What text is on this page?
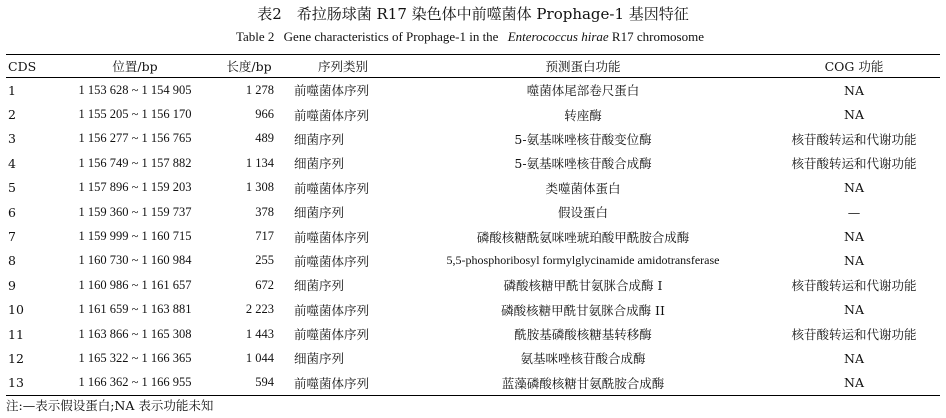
表2　希拉肠球菌 R17 染色体中前噬菌体 Prophage-1 基因特征
Table 2 Gene characteristics of Prophage-1 in the Enterococcus hirae R17 chromosome
CDS	位置/bp	长度/bp	序列类别	预测蛋白功能	COG 功能
1	1 153 628 ~ 1 154 905	1 278	前噬菌体序列	噬菌体尾部卷尺蛋白	NA
2	1 155 205 ~ 1 156 170	966	前噬菌体序列	转座酶	NA
3	1 156 277 ~ 1 156 765	489	细菌序列	5-氨基咪唑核苷酸变位酶	核苷酸转运和代谢功能
4	1 156 749 ~ 1 157 882	1 134	细菌序列	5-氨基咪唑核苷酸合成酶	核苷酸转运和代谢功能
5	1 157 896 ~ 1 159 203	1 308	前噬菌体序列	类噬菌体蛋白	NA
6	1 159 360 ~ 1 159 737	378	细菌序列	假设蛋白	—
7	1 159 999 ~ 1 160 715	717	前噬菌体序列	磷酸核糖酰氨咪唑琥珀酸甲酰胺合成酶	NA
8	1 160 730 ~ 1 160 984	255	前噬菌体序列	5,5-phosphoribosyl formylglycinamide amidotransferase	NA
9	1 160 986 ~ 1 161 657	672	细菌序列	磷酸核糖甲酰甘氨脒合成酶 I	核苷酸转运和代谢功能
10	1 161 659 ~ 1 163 881	2 223	前噬菌体序列	磷酸核糖甲酰甘氨脒合成酶 II	NA
11	1 163 866 ~ 1 165 308	1 443	前噬菌体序列	酰胺基磷酸核糖基转移酶	核苷酸转运和代谢功能
12	1 165 322 ~ 1 166 365	1 044	细菌序列	氨基咪唑核苷酸合成酶	NA
13	1 166 362 ~ 1 166 955	594	前噬菌体序列	蓝藻磷酸核糖甘氨酰胺合成酶	NA
注:—表示假设蛋白;NA 表示功能未知
